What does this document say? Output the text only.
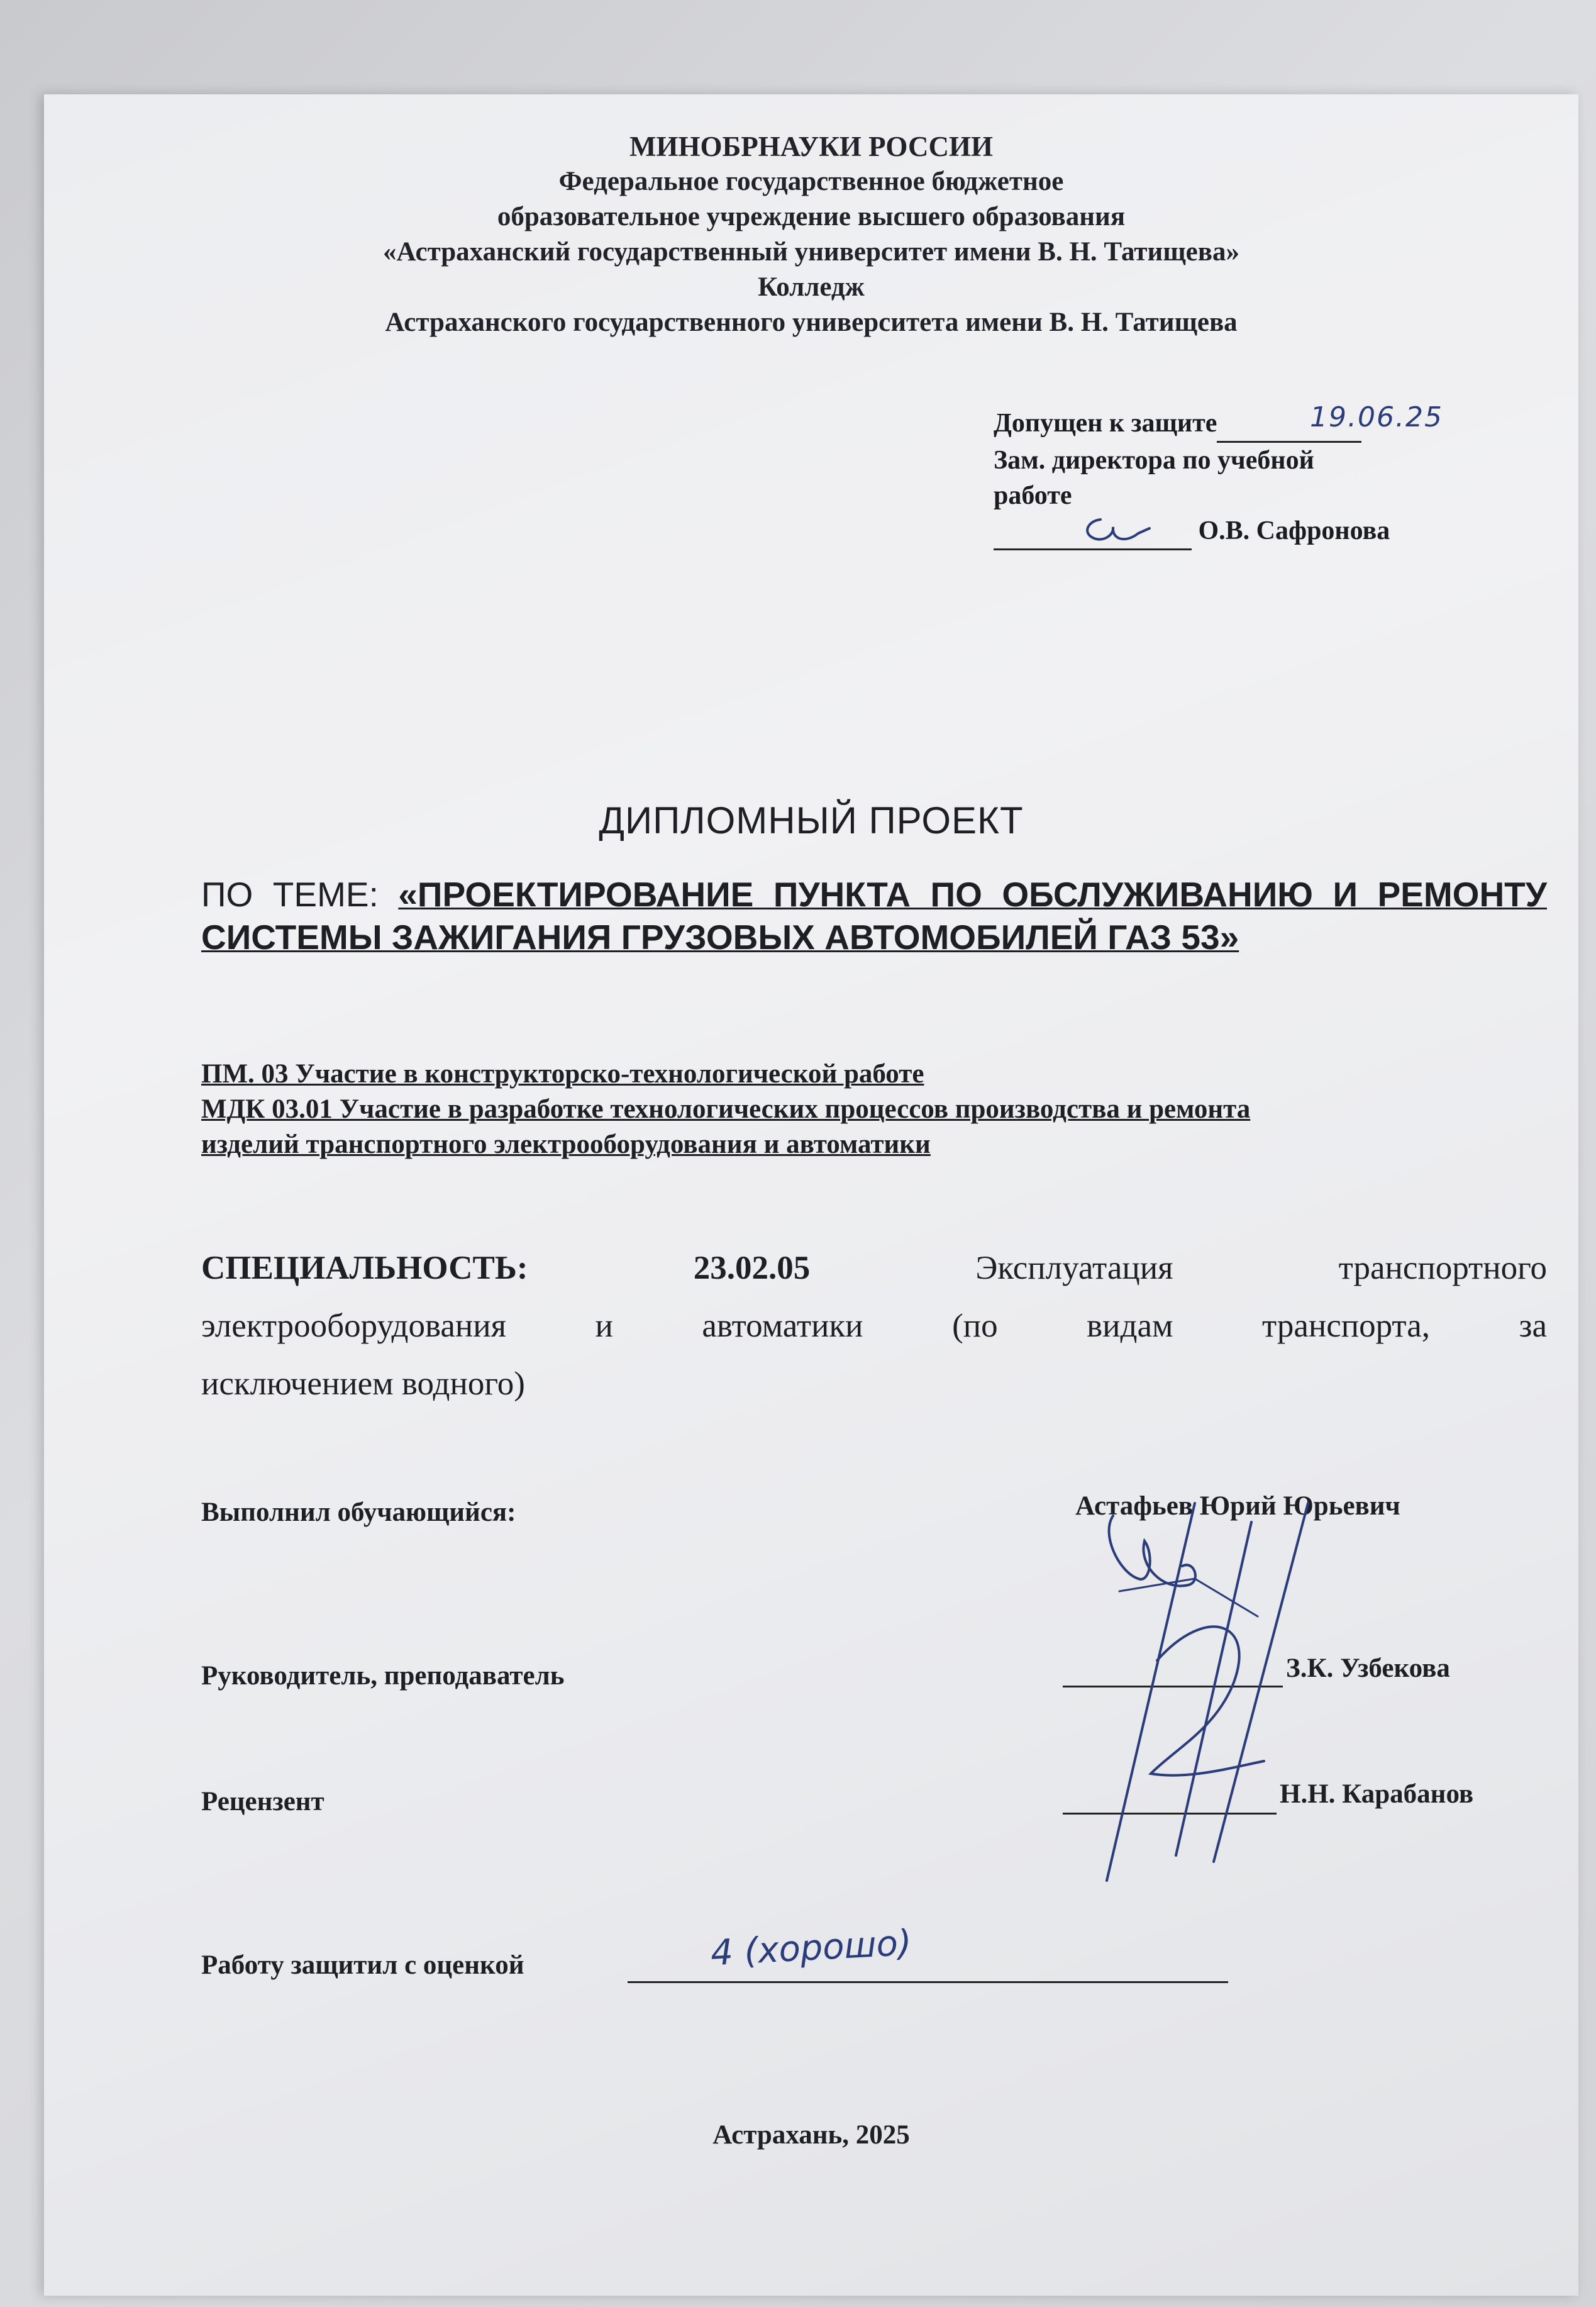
МИНОБРНАУКИ РОССИИ
Федеральное государственное бюджетное
образовательное учреждение высшего образования
«Астраханский государственный университет имени В. Н. Татищева»
Колледж
Астраханского государственного университета имени В. Н. Татищева
Допущен к защите
Зам. директора по учебной
работе
О.В. Сафронова
19.06.25
ДИПЛОМНЫЙ ПРОЕКТ
ПО ТЕМЕ: «ПРОЕКТИРОВАНИЕ ПУНКТА ПО ОБСЛУЖИВАНИЮ И РЕМОНТУ СИСТЕМЫ ЗАЖИГАНИЯ ГРУЗОВЫХ АВТОМОБИЛЕЙ ГАЗ 53»
ПМ. 03 Участие в конструкторско-технологической работе
МДК 03.01 Участие в разработке технологических процессов производства и ремонта
изделий транспортного электрооборудования и автоматики
СПЕЦИАЛЬНОСТЬ:	23.02.05	Эксплуатация	транспортного
электрооборудования	и	автоматики	(по	видам	транспорта,	за
исключением водного)
Выполнил обучающийся:	Астафьев Юрий Юрьевич
Руководитель, преподаватель	З.К. Узбекова
Рецензент	Н.Н. Карабанов
Работу защитил с оценкой	4 (хорошо)
Астрахань, 2025
